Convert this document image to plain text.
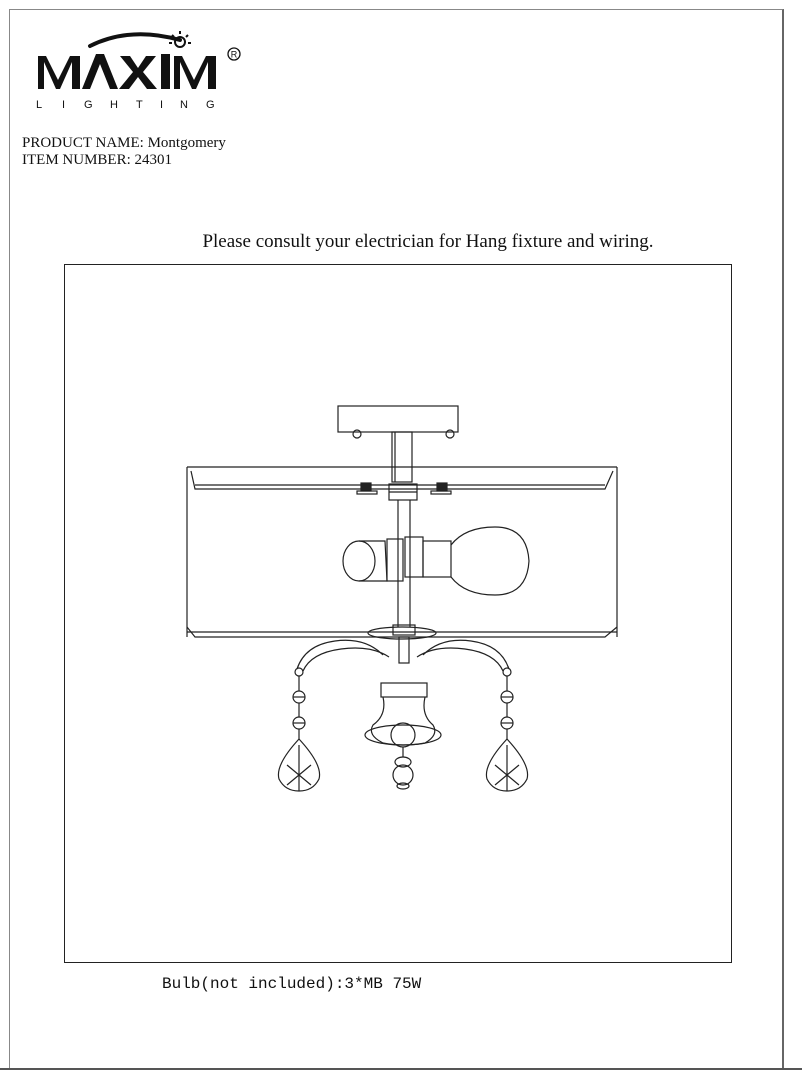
R
L I G H T I N G
PRODUCT NAME: Montgomery
ITEM NUMBER: 24301
Please consult your electrician for Hang fixture and wiring.
Bulb(not included):3*MB 75W
